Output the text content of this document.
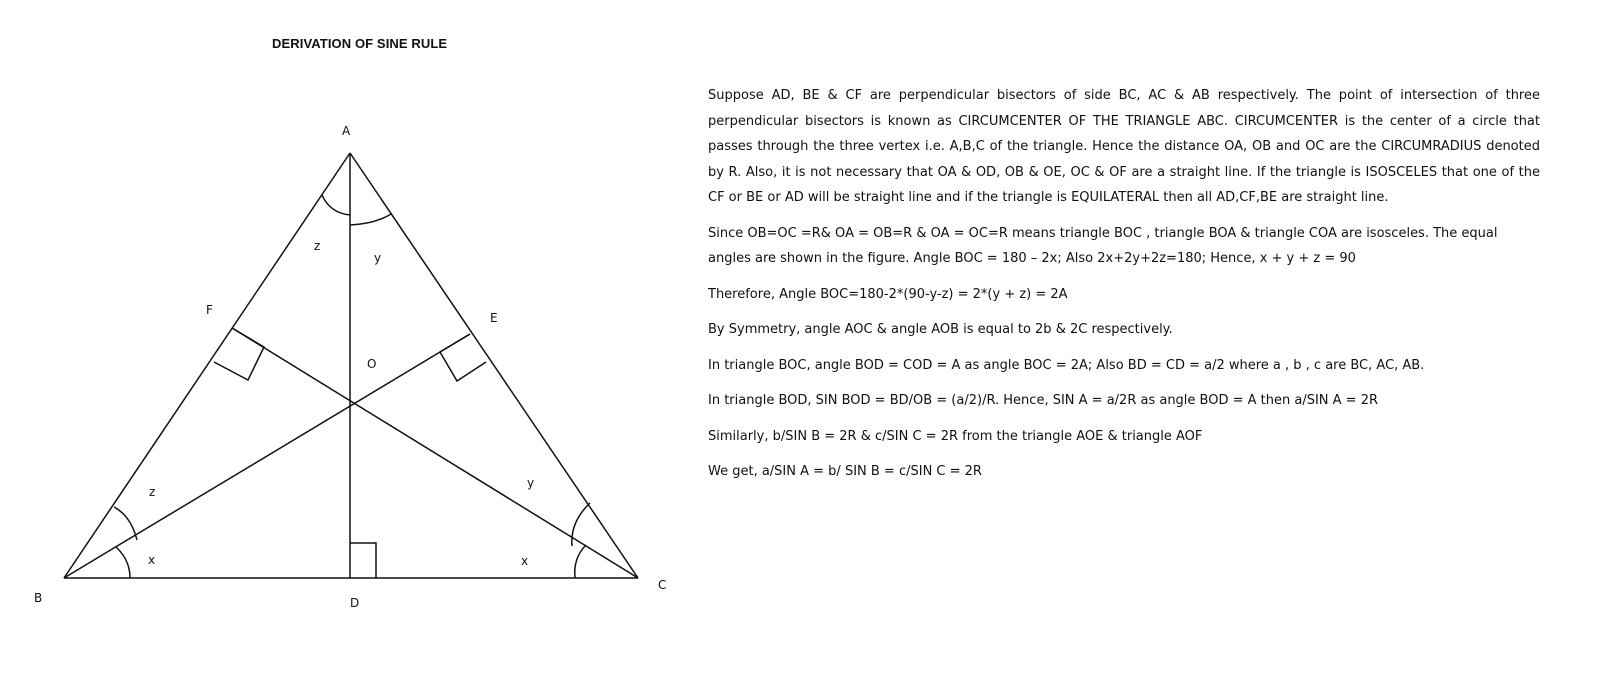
DERIVATION OF SINE RULE
A
B
C
D
E
F
O
z
y
z
x
y
x

Suppose AD, BE & CF are perpendicular bisectors of side BC, AC & AB respectively. The point of intersection of three perpendicular bisectors is known as CIRCUMCENTER OF THE TRIANGLE ABC. CIRCUMCENTER is the center of a circle that passes through the three vertex i.e. A,B,C of the triangle. Hence the distance OA, OB and OC are the CIRCUMRADIUS denoted by R. Also, it is not necessary that OA & OD, OB & OE, OC & OF are a straight line. If the triangle is ISOSCELES that one of the CF or BE or AD will be straight line and if the triangle is EQUILATERAL then all AD,CF,BE are straight line.

Since OB=OC =R& OA = OB=R & OA = OC=R means triangle BOC , triangle BOA & triangle COA are isosceles. The equal angles are shown in the figure. Angle BOC = 180 – 2x; Also 2x+2y+2z=180; Hence, x + y + z = 90

Therefore, Angle BOC=180-2*(90-y-z) = 2*(y + z) = 2A

By Symmetry, angle AOC & angle AOB is equal to 2b & 2C respectively.

In triangle BOC, angle BOD = COD = A as angle BOC = 2A; Also BD = CD = a/2 where a , b , c are BC, AC, AB.

In triangle BOD, SIN BOD = BD/OB = (a/2)/R. Hence, SIN A = a/2R as angle BOD = A then a/SIN A = 2R

Similarly, b/SIN B = 2R & c/SIN C = 2R from the triangle AOE & triangle AOF

We get, a/SIN A = b/ SIN B = c/SIN C = 2R
